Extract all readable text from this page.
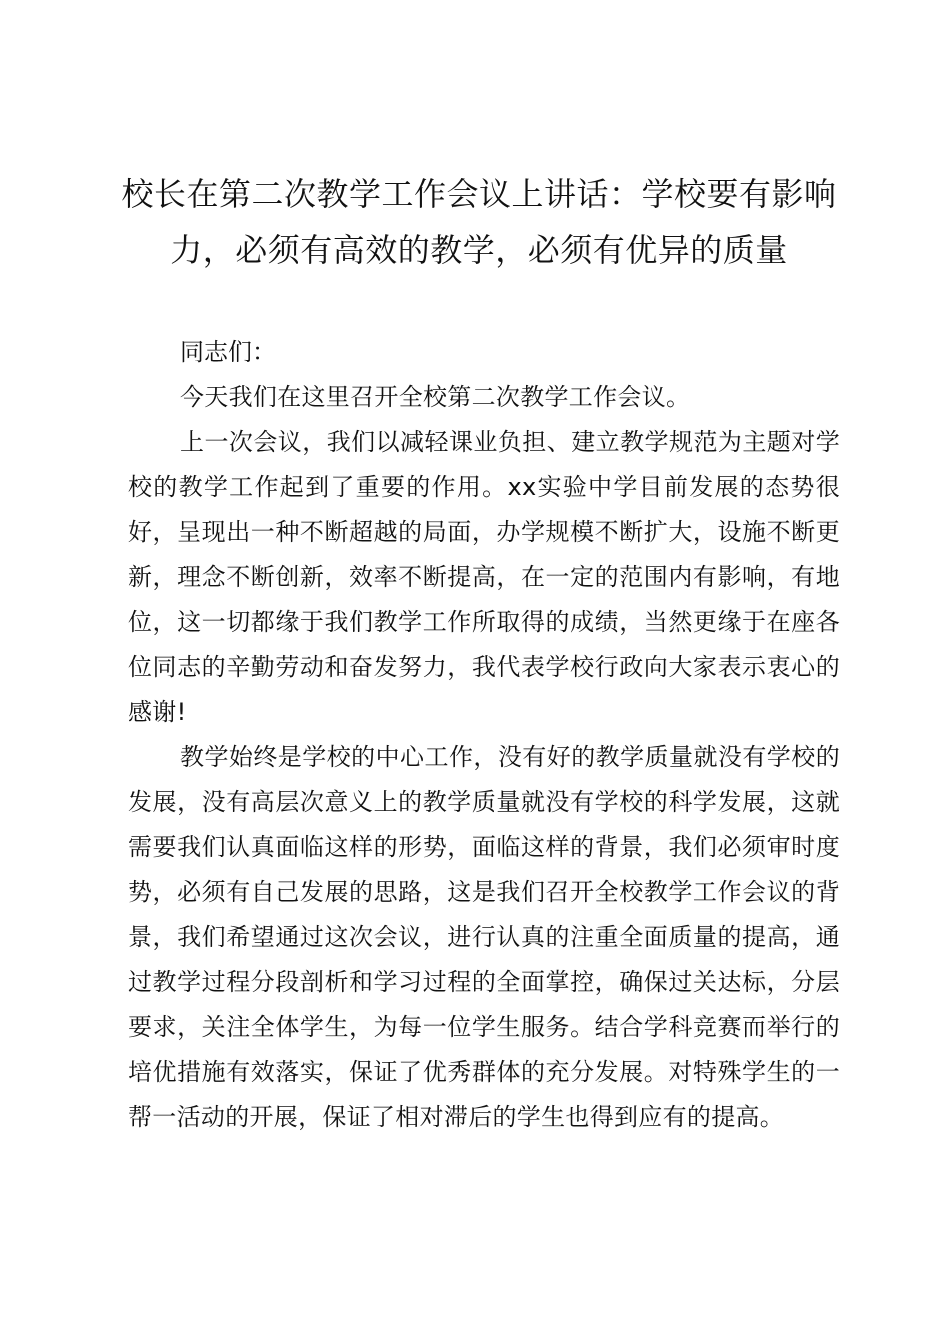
校长在第二次教学工作会议上讲话：学校要有影响力，必须有高效的教学，必须有优异的质量

同志们：

今天我们在这里召开全校第二次教学工作会议。

上一次会议，我们以减轻课业负担、建立教学规范为主题对学校的教学工作起到了重要的作用。xx实验中学目前发展的态势很好，呈现出一种不断超越的局面，办学规模不断扩大，设施不断更新，理念不断创新，效率不断提高，在一定的范围内有影响，有地位，这一切都缘于我们教学工作所取得的成绩，当然更缘于在座各位同志的辛勤劳动和奋发努力，我代表学校行政向大家表示衷心的感谢!

教学始终是学校的中心工作，没有好的教学质量就没有学校的发展，没有高层次意义上的教学质量就没有学校的科学发展，这就需要我们认真面临这样的形势，面临这样的背景，我们必须审时度势，必须有自己发展的思路，这是我们召开全校教学工作会议的背景，我们希望通过这次会议，进行认真的注重全面质量的提高，通过教学过程分段剖析和学习过程的全面掌控，确保过关达标，分层要求，关注全体学生，为每一位学生服务。结合学科竞赛而举行的培优措施有效落实，保证了优秀群体的充分发展。对特殊学生的一帮一活动的开展，保证了相对滞后的学生也得到应有的提高。
